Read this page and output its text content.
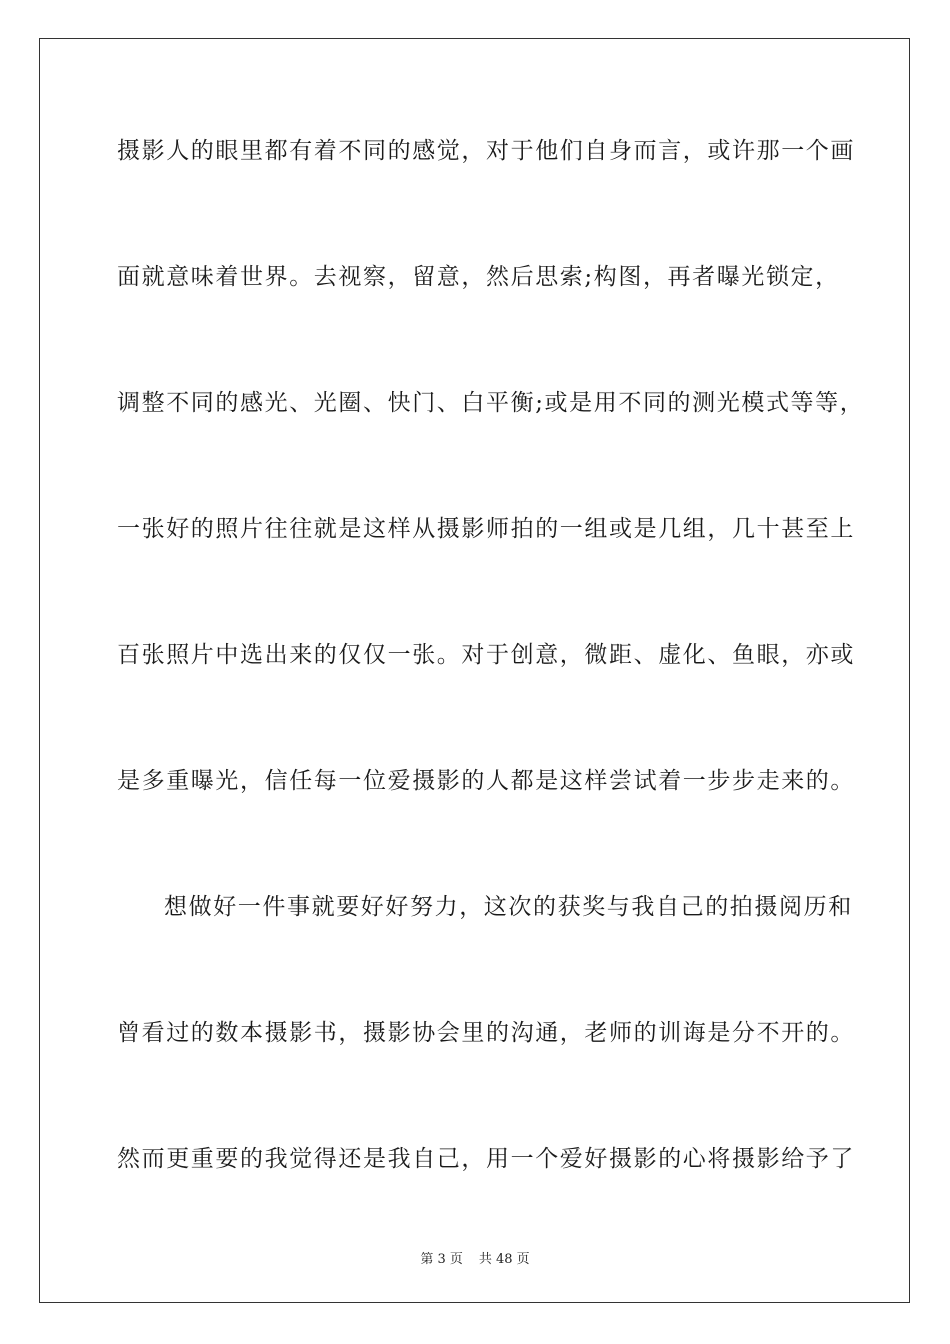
摄影人的眼里都有着不同的感觉，对于他们自身而言，或许那一个画

面就意味着世界。去视察，留意，然后思索;构图，再者曝光锁定，

调整不同的感光、光圈、快门、白平衡;或是用不同的测光模式等等，

一张好的照片往往就是这样从摄影师拍的一组或是几组，几十甚至上

百张照片中选出来的仅仅一张。对于创意，微距、虚化、鱼眼，亦或

是多重曝光，信任每一位爱摄影的人都是这样尝试着一步步走来的。

想做好一件事就要好好努力，这次的获奖与我自己的拍摄阅历和

曾看过的数本摄影书，摄影协会里的沟通，老师的训诲是分不开的。

然而更重要的我觉得还是我自己，用一个爱好摄影的心将摄影给予了

第 3 页 共 48 页
